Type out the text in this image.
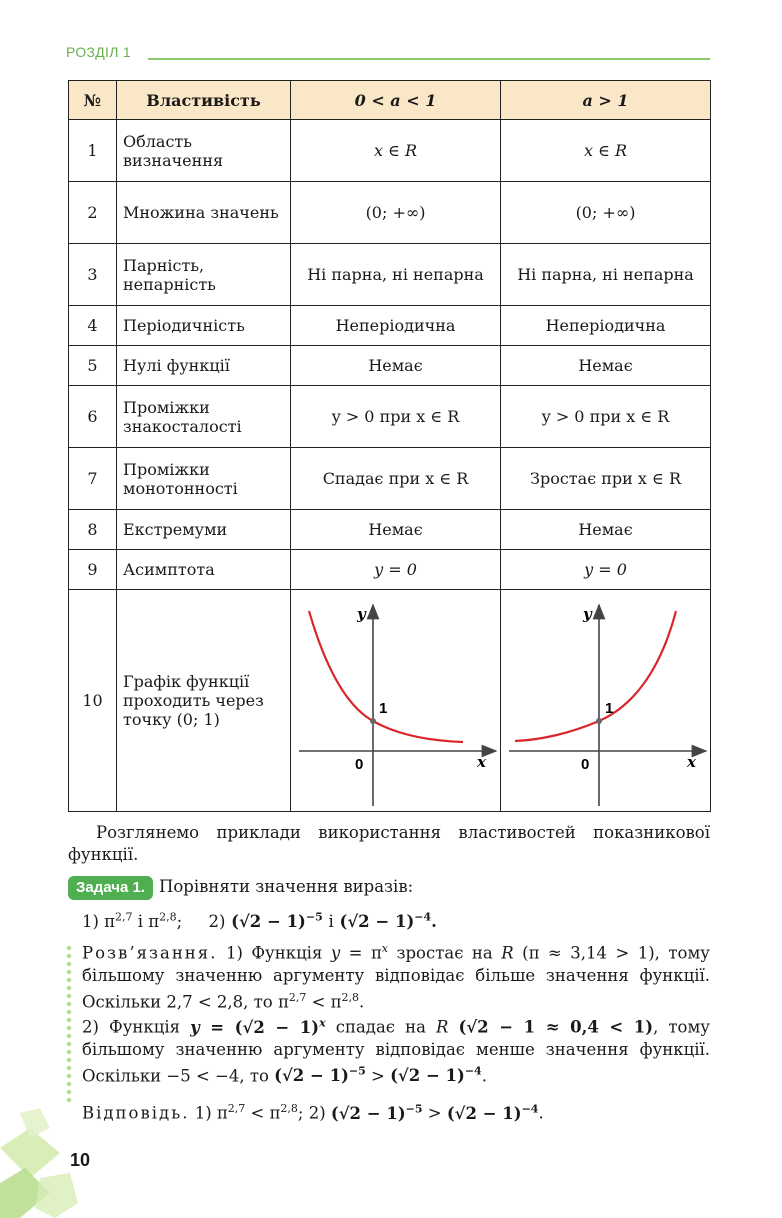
РОЗДІЛ 1
№	Властивість	0 < a < 1	a > 1
1	Область визначення	x ∈ R	x ∈ R
2	Множина значень	(0; +∞)	(0; +∞)
3	Парність, непарність	Ні парна, ні непарна	Ні парна, ні непарна
4	Періодичність	Неперіодична	Неперіодична
5	Нулі функції	Немає	Немає
6	Проміжки знакосталості	y > 0 при x ∈ R	y > 0 при x ∈ R
7	Проміжки монотонності	Спадає при x ∈ R	Зростає при x ∈ R
8	Екстремуми	Немає	Немає
9	Асимптота	y = 0	y = 0
10	Графік функції проходить через точку (0; 1)	y
x
0
1	y
x
0
1
Розглянемо приклади використання властивостей показникової функції.
Задача 1. Порівняти значення виразів:
1) $\pi^{2,7}$ і $\pi^{2,8}$; 2) $(√2 - 1)^{-5}$ і $(√2 - 1)^{-4}$.
Розв’язання. 1) Функція $y = \pi^x$ зростає на R (π ≈ 3,14 > 1), тому більшому значенню аргументу відповідає більше значення функції. Оскільки 2,7 < 2,8, то $\pi^{2,7} < \pi^{2,8}$.
2) Функція $y = (√2 - 1)^x$ спадає на R (√2 − 1 ≈ 0,4 < 1), тому більшому значенню аргументу відповідає менше значення функції. Оскільки −5 < −4, то $(√2 - 1)^{-5} > (√2 - 1)^{-4}$.
Відповідь. 1) $\pi^{2,7} < \pi^{2,8}$; 2) $(√2 - 1)^{-5} > (√2 - 1)^{-4}$.
10
